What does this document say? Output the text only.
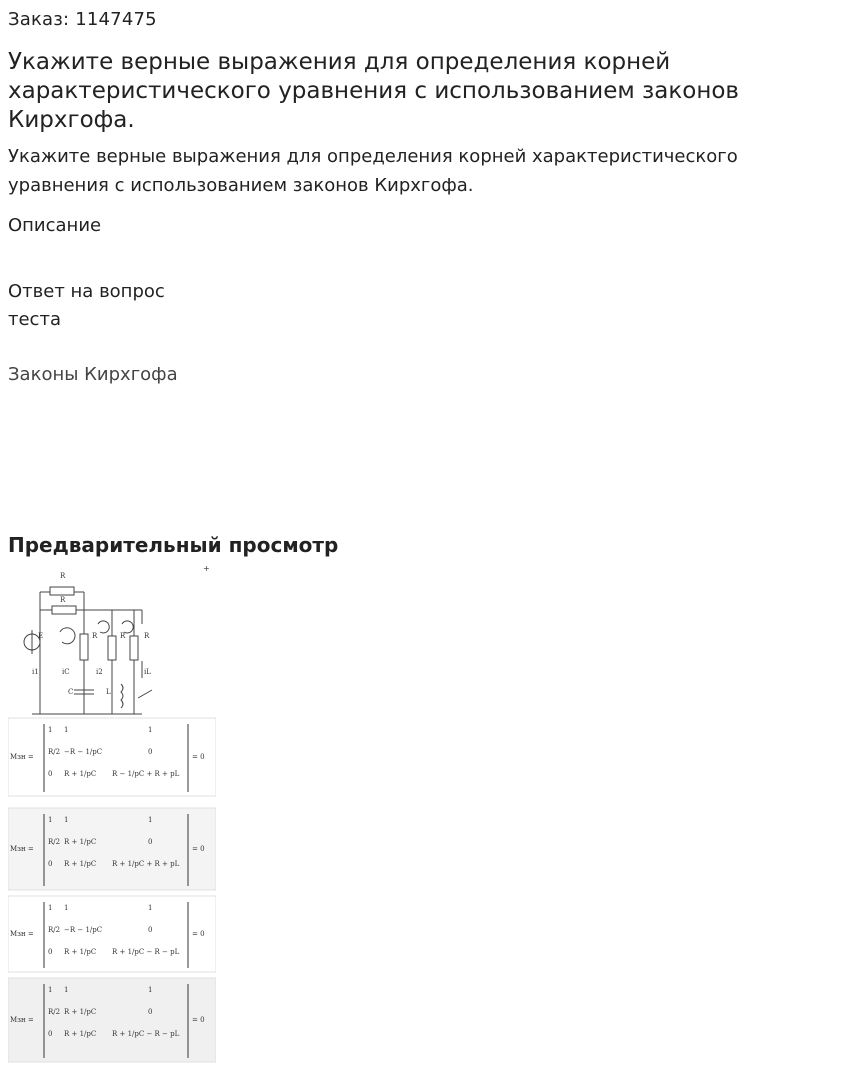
Заказ: 1147475
Укажите верные выражения для определения корней характеристического уравнения с использованием законов Кирхгофа.

Укажите верные выражения для определения корней характеристического уравнения с использованием законов Кирхгофа.

Описание
Ответ на вопрос теста
Законы Кирхгофа
Предварительный просмотр
+
R
R
E	R	R	R
i1	iC	i2	iL
C	L
Mзн =
1 1	1
R/2 −R − 1/pC	0
0 R + 1/pC R − 1/pC + R + pL
= 0
Mзн =
1 1	1
R/2 R + 1/pC	0
0 R + 1/pC R + 1/pC + R + pL
= 0
Mзн =
1 1	1
R/2 −R − 1/pC	0
0 R + 1/pC R + 1/pC − R − pL
= 0
Mзн =
1 1	1
R/2 R + 1/pC	0
0 R + 1/pC R + 1/pC − R − pL
= 0
